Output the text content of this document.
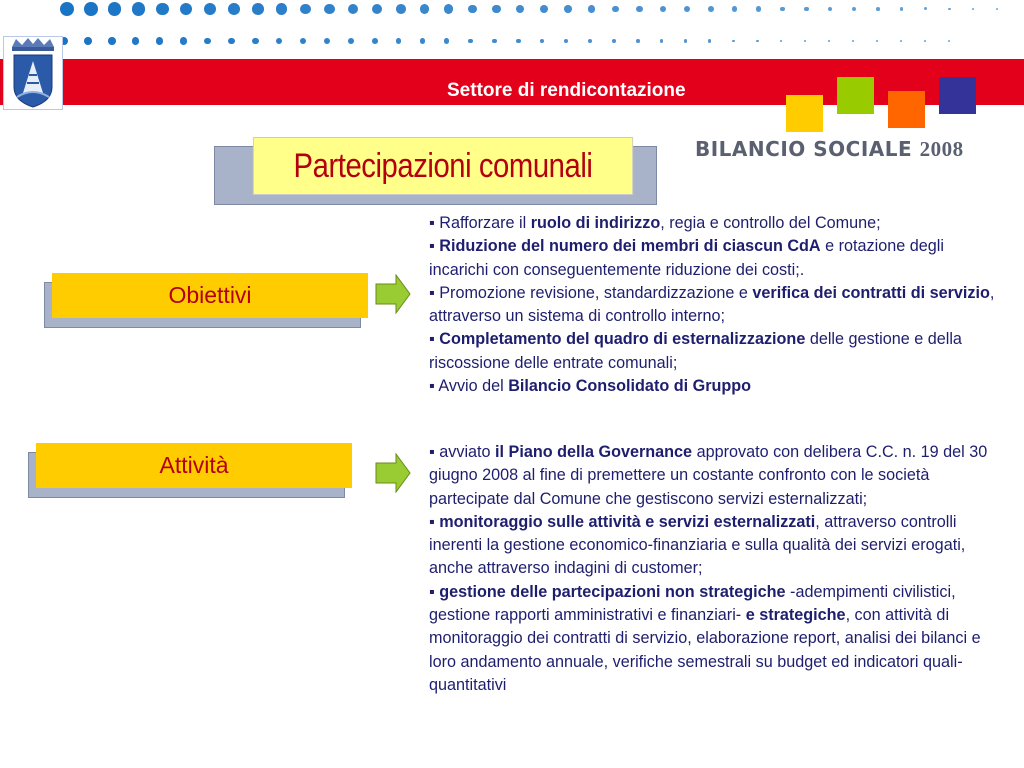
Settore di rendicontazione
BILANCIO SOCIALE 2008
Partecipazioni comunali
Obiettivi
Attività

▪ Rafforzare il ruolo di indirizzo, regia e controllo del Comune;

▪ Riduzione del numero dei membri di ciascun CdA e rotazione degli incarichi con conseguentemente riduzione dei costi;.

▪ Promozione revisione, standardizzazione e verifica dei contratti di servizio, attraverso un sistema di controllo interno;

▪ Completamento del quadro di esternalizzazione delle gestione e della riscossione delle entrate comunali;

▪ Avvio del Bilancio Consolidato di Gruppo

▪ avviato il Piano della Governance approvato con delibera C.C. n. 19 del 30 giugno 2008 al fine di premettere un costante confronto con le società partecipate dal Comune che gestiscono servizi esternalizzati;

▪ monitoraggio sulle attività e servizi esternalizzati, attraverso controlli inerenti la gestione economico-finanziaria e sulla qualità dei servizi erogati, anche attraverso indagini di customer;

▪ gestione delle partecipazioni non strategiche -adempimenti civilistici, gestione rapporti amministrativi e finanziari- e strategiche, con attività di monitoraggio dei contratti di servizio, elaborazione report, analisi dei bilanci e loro andamento annuale, verifiche semestrali su budget ed indicatori quali-quantitativi
